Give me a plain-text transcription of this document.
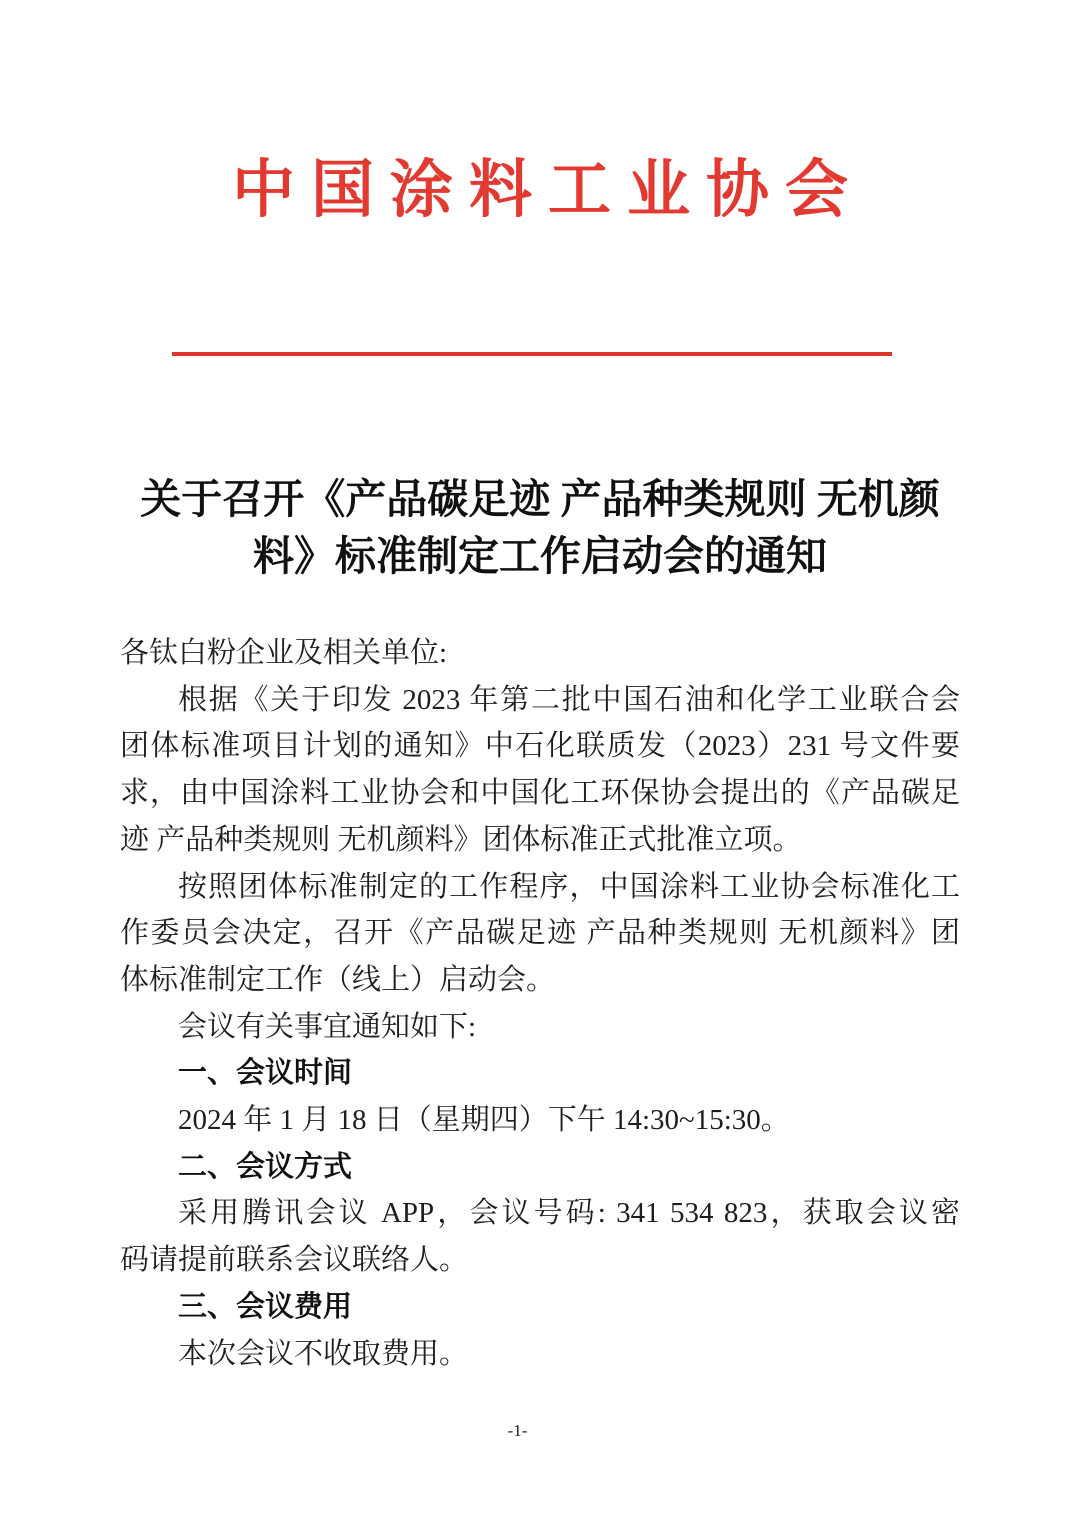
中国涂料工业协会
关于召开《产品碳足迹 产品种类规则 无机颜
料》标准制定工作启动会的通知
各钛白粉企业及相关单位:
根据《关于印发 2023 年第二批中国石油和化学工业联合会
团体标准项目计划的通知》中石化联质发（2023）231 号文件要
求，由中国涂料工业协会和中国化工环保协会提出的《产品碳足
迹 产品种类规则 无机颜料》团体标准正式批准立项。
按照团体标准制定的工作程序，中国涂料工业协会标准化工
作委员会决定，召开《产品碳足迹 产品种类规则 无机颜料》团
体标准制定工作（线上）启动会。
会议有关事宜通知如下:
一、会议时间
2024 年 1 月 18 日（星期四）下午 14:30~15:30。
二、会议方式
采用腾讯会议 APP，会议号码: 341 534 823，获取会议密
码请提前联系会议联络人。
三、会议费用
本次会议不收取费用。
-1-
